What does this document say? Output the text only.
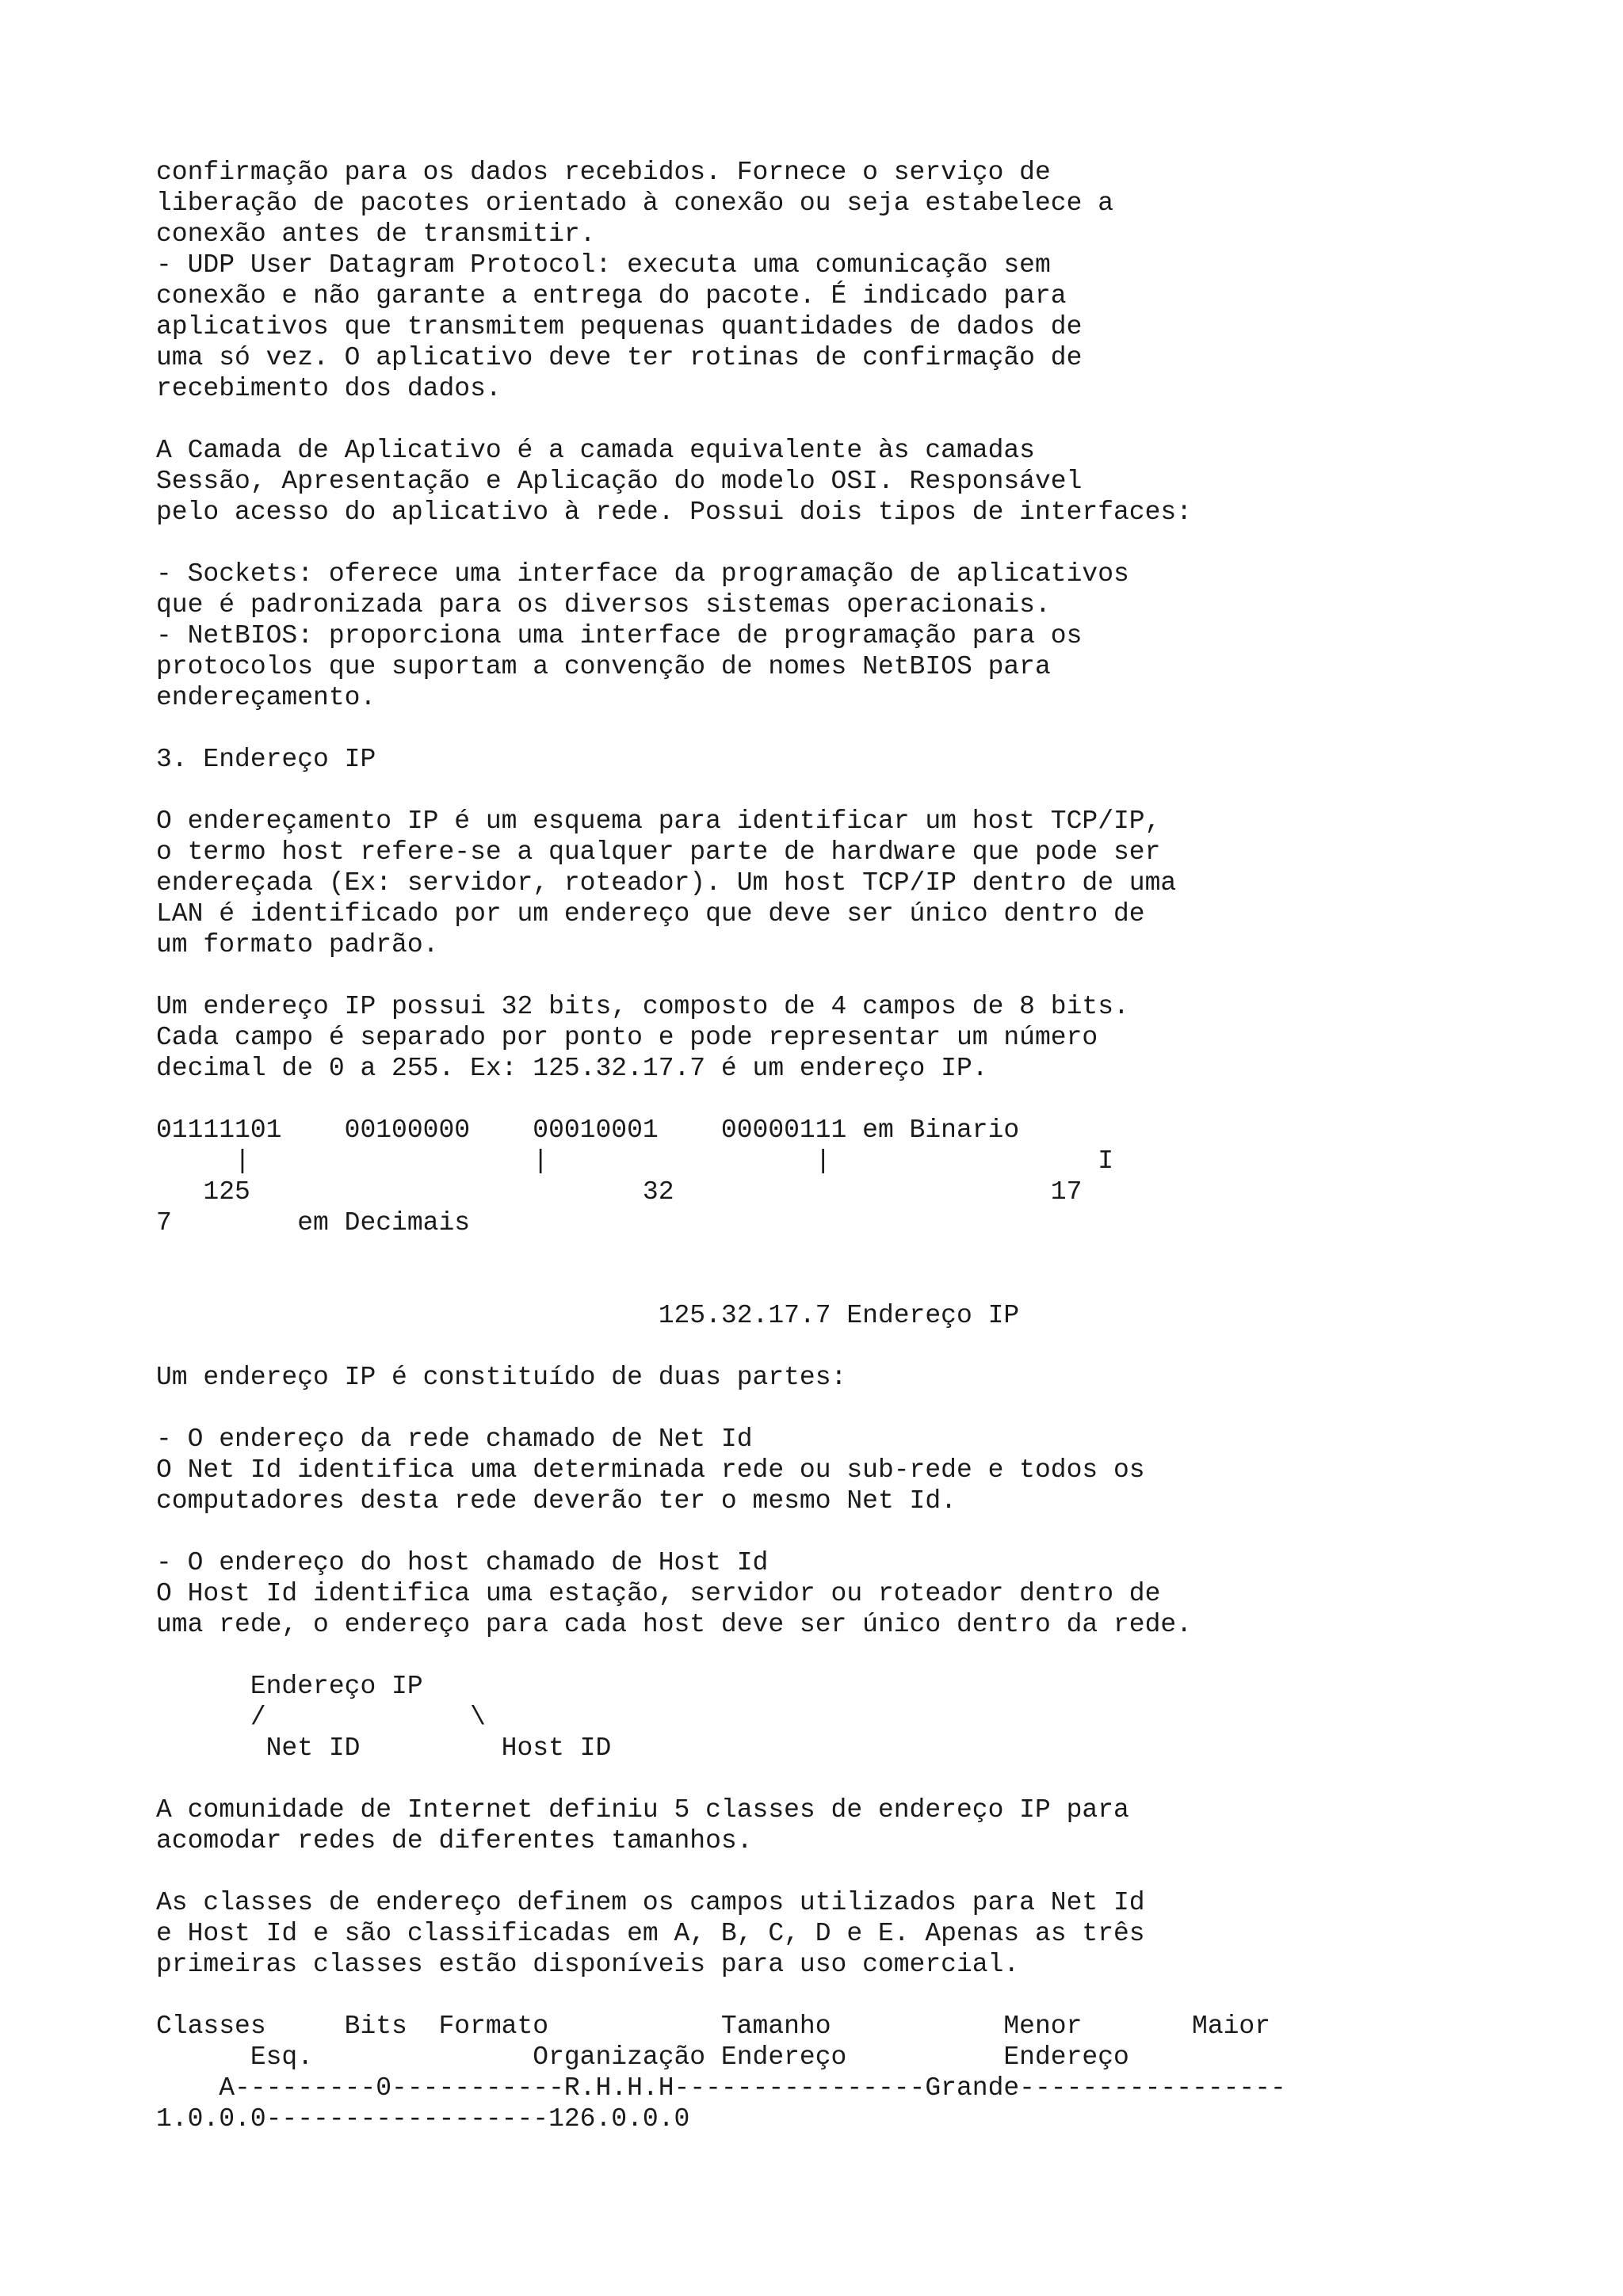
confirmação para os dados recebidos. Fornece o serviço de

liberação de pacotes orientado à conexão ou seja estabelece a

conexão antes de transmitir.

- UDP User Datagram Protocol: executa uma comunicação sem

conexão e não garante a entrega do pacote. É indicado para

aplicativos que transmitem pequenas quantidades de dados de

uma só vez. O aplicativo deve ter rotinas de confirmação de

recebimento dos dados.

A Camada de Aplicativo é a camada equivalente às camadas

Sessão, Apresentação e Aplicação do modelo OSI. Responsável

pelo acesso do aplicativo à rede. Possui dois tipos de interfaces:

- Sockets: oferece uma interface da programação de aplicativos

que é padronizada para os diversos sistemas operacionais.

- NetBIOS: proporciona uma interface de programação para os

protocolos que suportam a convenção de nomes NetBIOS para

endereçamento.

3. Endereço IP

O endereçamento IP é um esquema para identificar um host TCP/IP,

o termo host refere-se a qualquer parte de hardware que pode ser

endereçada (Ex: servidor, roteador). Um host TCP/IP dentro de uma

LAN é identificado por um endereço que deve ser único dentro de

um formato padrão.

Um endereço IP possui 32 bits, composto de 4 campos de 8 bits.

Cada campo é separado por ponto e pode representar um número

decimal de 0 a 255. Ex: 125.32.17.7 é um endereço IP.

01111101    00100000    00010001    00000111 em Binario

|                  |                 |                 I

125                         32                        17

7        em Decimais

125.32.17.7 Endereço IP

Um endereço IP é constituído de duas partes:

- O endereço da rede chamado de Net Id

O Net Id identifica uma determinada rede ou sub-rede e todos os

computadores desta rede deverão ter o mesmo Net Id.

- O endereço do host chamado de Host Id

O Host Id identifica uma estação, servidor ou roteador dentro de

uma rede, o endereço para cada host deve ser único dentro da rede.

Endereço IP

/             \

Net ID         Host ID

A comunidade de Internet definiu 5 classes de endereço IP para

acomodar redes de diferentes tamanhos.

As classes de endereço definem os campos utilizados para Net Id

e Host Id e são classificadas em A, B, C, D e E. Apenas as três

primeiras classes estão disponíveis para uso comercial.

Classes     Bits  Formato           Tamanho           Menor       Maior

Esq.              Organização Endereço          Endereço

A---------0-----------R.H.H.H----------------Grande-----------------

1.0.0.0------------------126.0.0.0
